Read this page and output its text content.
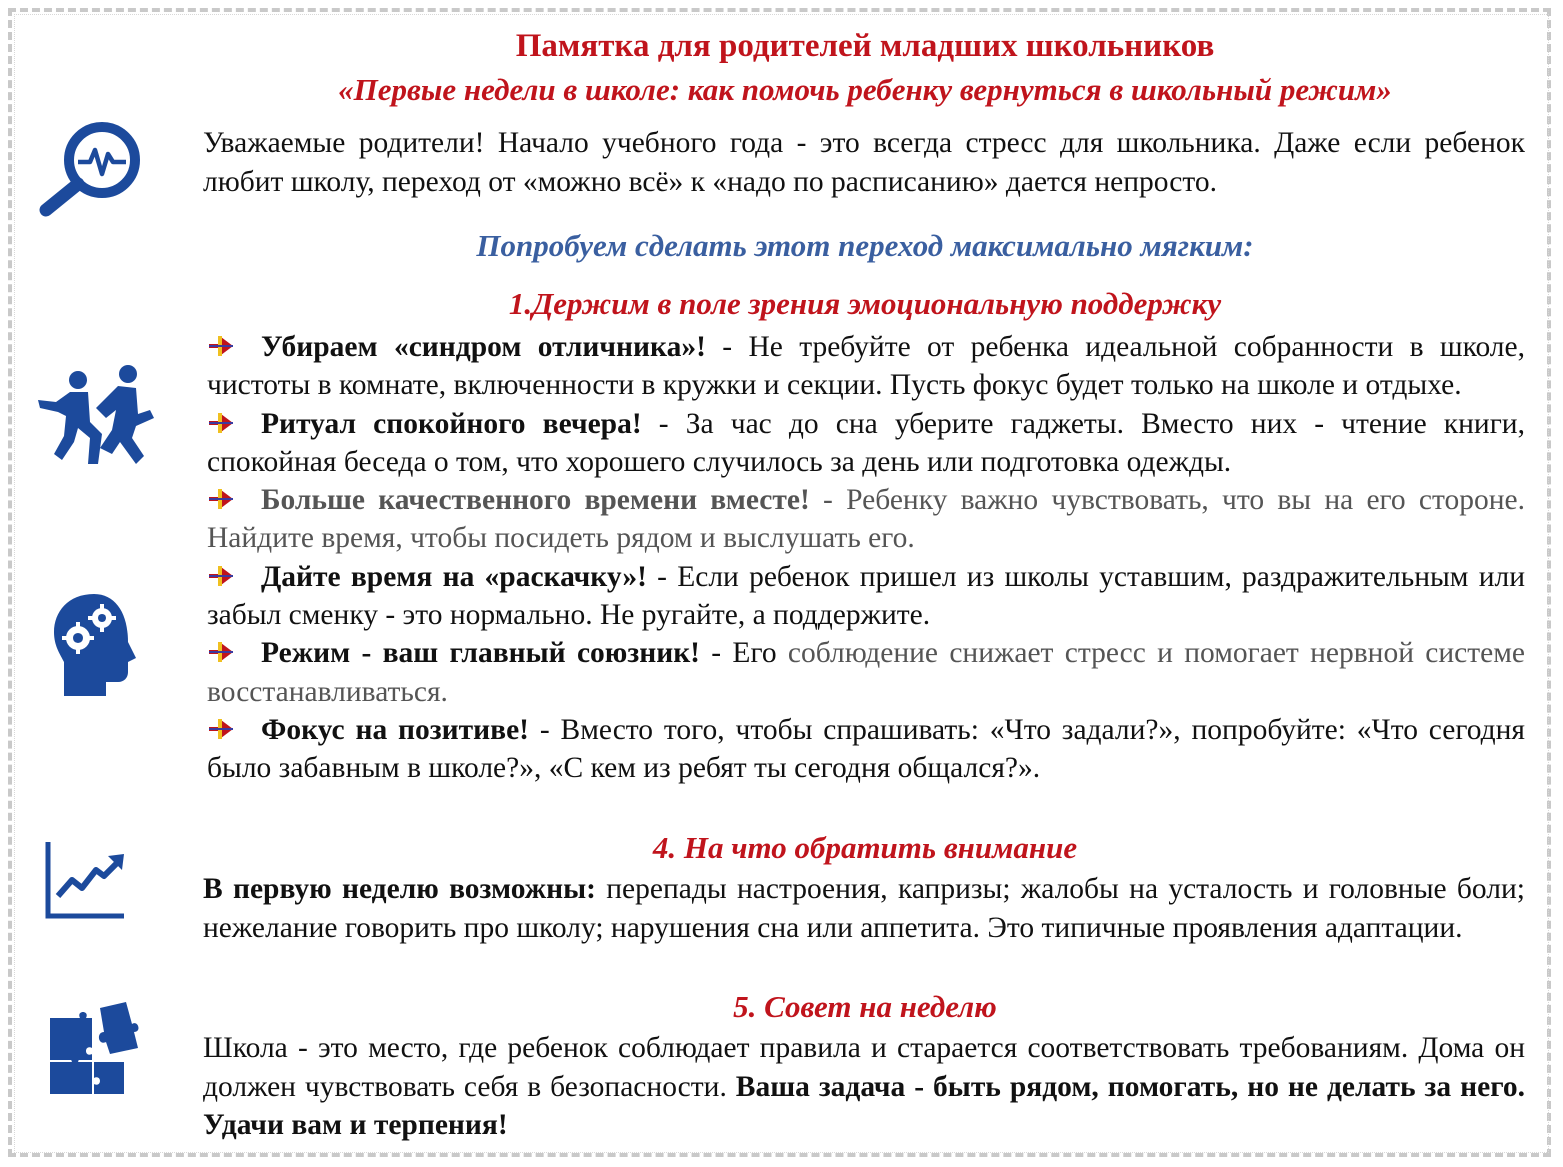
Памятка для родителей младших школьников
«Первые недели в школе: как помочь ребенку вернуться в школьный режим»

Уважаемые родители! Начало учебного года - это всегда стресс для школьника. Даже если ребенок любит школу, переход от «можно всё» к «надо по расписанию» дается непросто.

Попробуем сделать этот переход максимально мягким:
1.Держим в поле зрения эмоциональную поддержку
Убираем «синдром отличника»! - Не требуйте от ребенка идеальной собранности в школе, чистоты в комнате, включенности в кружки и секции. Пусть фокус будет только на школе и отдыхе.
Ритуал спокойного вечера! - За час до сна уберите гаджеты. Вместо них - чтение книги, спокойная беседа о том, что хорошего случилось за день или подготовка одежды.
Больше качественного времени вместе! - Ребенку важно чувствовать, что вы на его стороне. Найдите время, чтобы посидеть рядом и выслушать его.
Дайте время на «раскачку»! - Если ребенок пришел из школы уставшим, раздражительным или забыл сменку - это нормально. Не ругайте, а поддержите.
Режим - ваш главный союзник! - Его соблюдение снижает стресс и помогает нервной системе восстанавливаться.
Фокус на позитиве! - Вместо того, чтобы спрашивать: «Что задали?», попробуйте: «Что сегодня было забавным в школе?», «С кем из ребят ты сегодня общался?».
4. На что обратить внимание

В первую неделю возможны: перепады настроения, капризы; жалобы на усталость и головные боли; нежелание говорить про школу; нарушения сна или аппетита. Это типичные проявления адаптации.

5. Совет на неделю

Школа - это место, где ребенок соблюдает правила и старается соответствовать требованиям. Дома он должен чувствовать себя в безопасности. Ваша задача - быть рядом, помогать, но не делать за него. Удачи вам и терпения!
